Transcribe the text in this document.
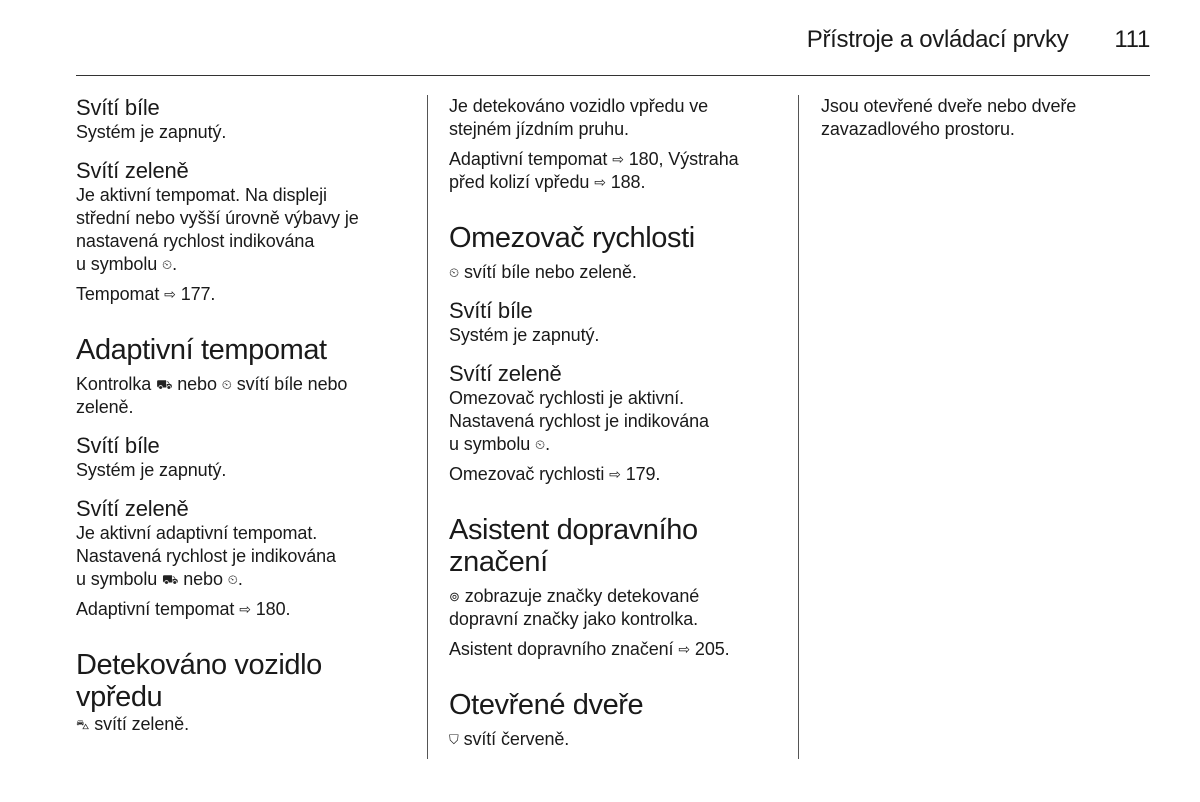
Přístroje a ovládací prvky 111
Svítí bíle

Systém je zapnutý.

Svítí zeleně

Je aktivní tempomat. Na displeji
střední nebo vyšší úrovně výbavy je
nastavená rychlost indikována
u symbolu ⏲.

Tempomat ⇨ 177.

Adaptivní tempomat

Kontrolka ⛟ nebo ⏲ svítí bíle nebo
zeleně.

Svítí bíle

Systém je zapnutý.

Svítí zeleně

Je aktivní adaptivní tempomat.
Nastavená rychlost je indikována
u symbolu ⛟ nebo ⏲.

Adaptivní tempomat ⇨ 180.

Detekováno vozidlo
vpředu

⛍ svítí zeleně.

Je detekováno vozidlo vpředu ve
stejném jízdním pruhu.

Adaptivní tempomat ⇨ 180, Výstraha
před kolizí vpředu ⇨ 188.

Omezovač rychlosti

⏲ svítí bíle nebo zeleně.

Svítí bíle

Systém je zapnutý.

Svítí zeleně

Omezovač rychlosti je aktivní.
Nastavená rychlost je indikována
u symbolu ⏲.

Omezovač rychlosti ⇨ 179.

Asistent dopravního
značení

⊚ zobrazuje značky detekované
dopravní značky jako kontrolka.

Asistent dopravního značení ⇨ 205.

Otevřené dveře

⛉ svítí červeně.

Jsou otevřené dveře nebo dveře
zavazadlového prostoru.
